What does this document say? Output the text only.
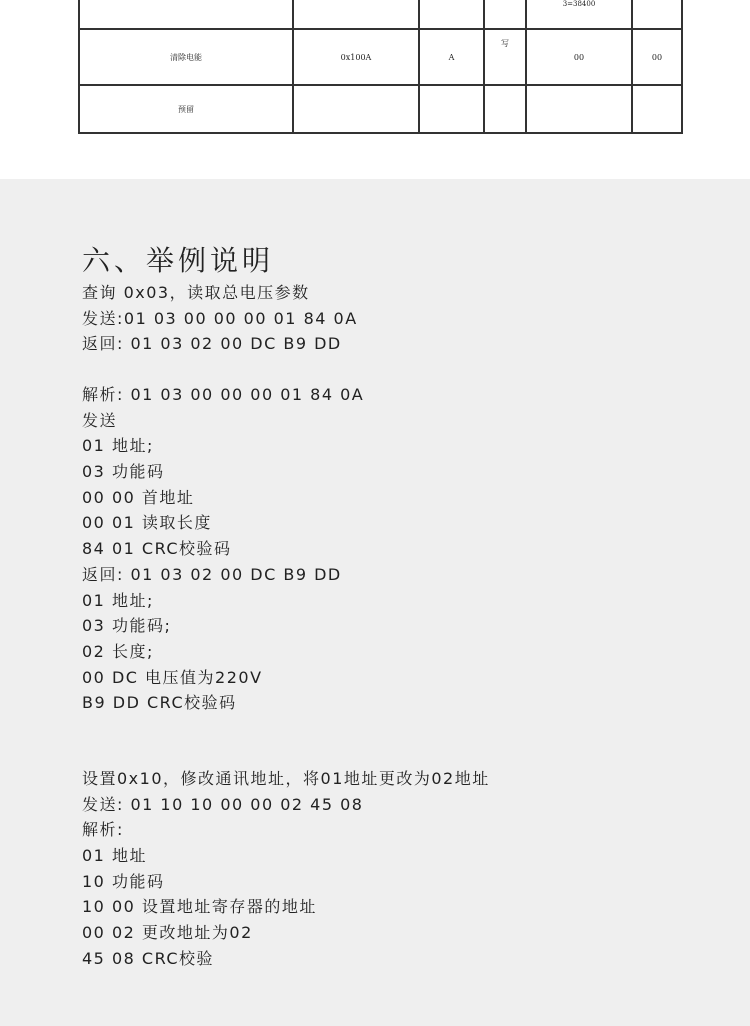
				3=38400	

清除电能	0x100A	A	写	00	00
预留					
六、举例说明
查询 0x03，读取总电压参数
发送:01 03 00 00 00 01 84 0A
返回: 01 03 02 00 DC B9 DD
解析: 01 03 00 00 00 01 84 0A
发送
01 地址;
03 功能码
00 00 首地址
00 01 读取长度
84 01 CRC校验码
返回: 01 03 02 00 DC B9 DD
01 地址;
03 功能码;
02 长度;
00 DC 电压值为220V
B9 DD CRC校验码
设置0x10，修改通讯地址，将01地址更改为02地址
发送: 01 10 10 00 00 02 45 08
解析:
01 地址
10 功能码
10 00 设置地址寄存器的地址
00 02 更改地址为02
45 08 CRC校验
